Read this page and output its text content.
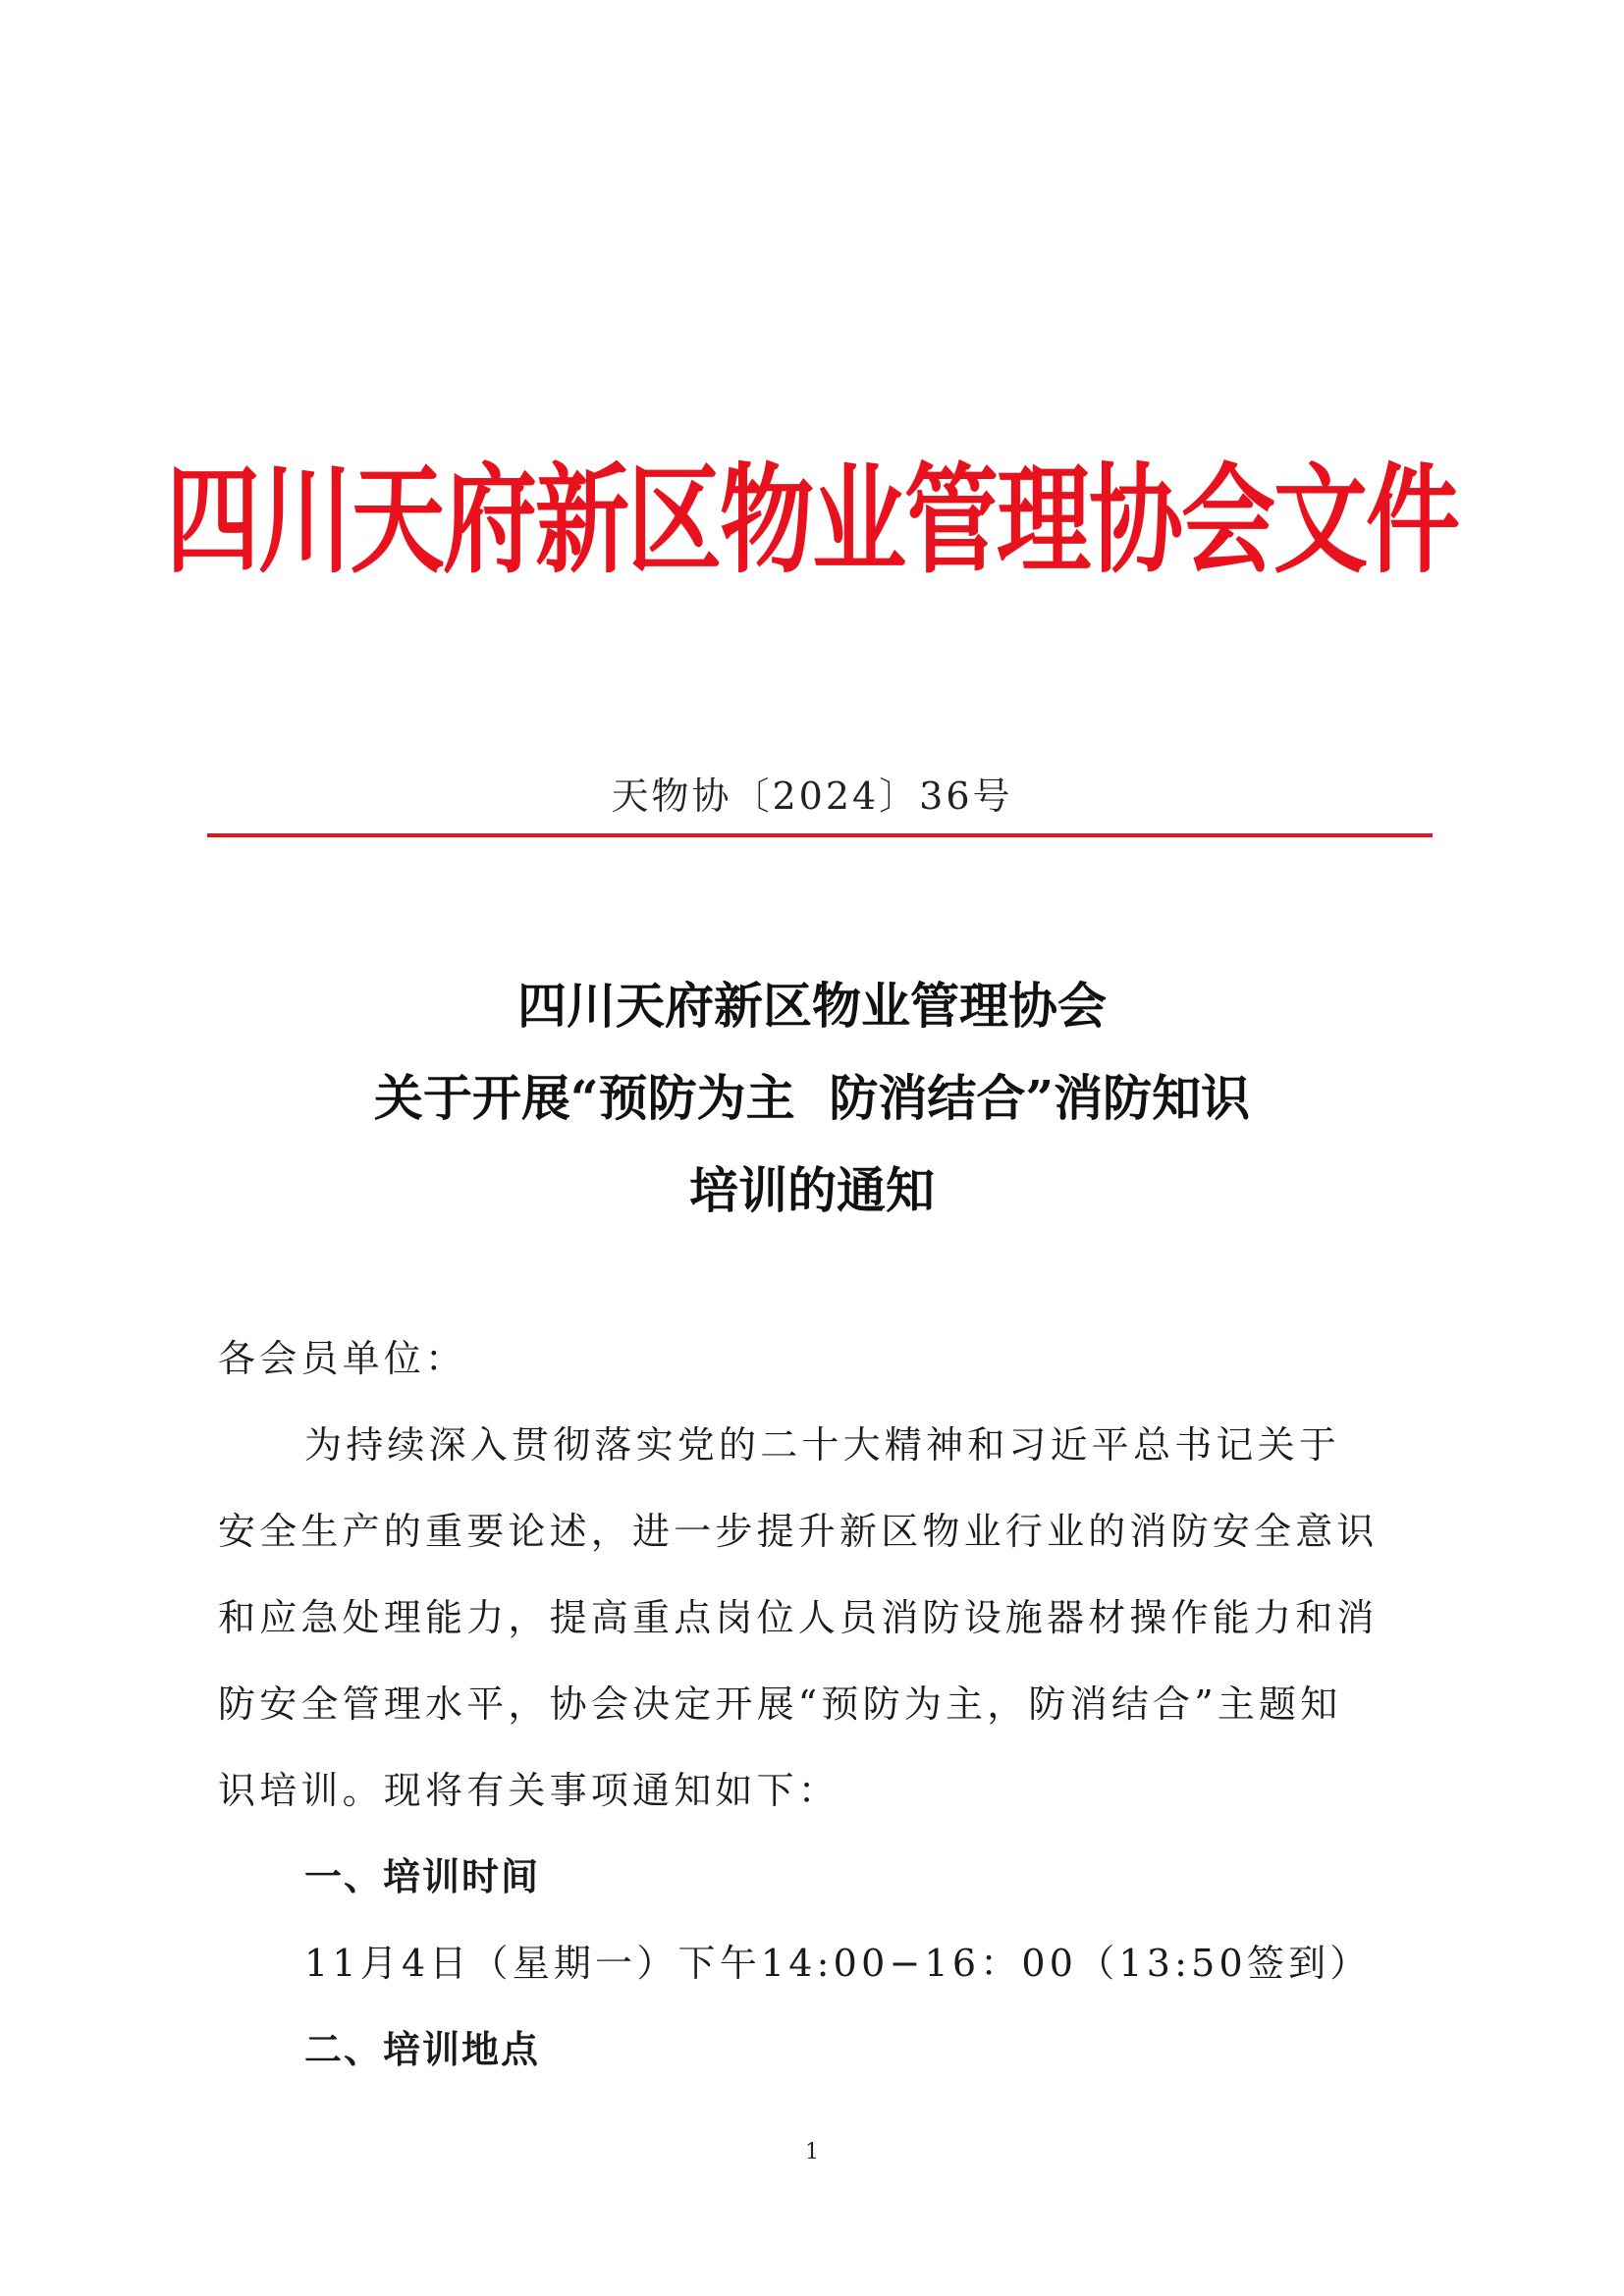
四川天府新区物业管理协会文件
天物协〔2024〕36号
四川天府新区物业管理协会
关于开展“预防为主  防消结合”消防知识
培训的通知
各会员单位：
为持续深入贯彻落实党的二十大精神和习近平总书记关于
安全生产的重要论述，进一步提升新区物业行业的消防安全意识
和应急处理能力，提高重点岗位人员消防设施器材操作能力和消
防安全管理水平，协会决定开展“预防为主，防消结合”主题知
识培训。现将有关事项通知如下：
一、培训时间
11月4日（星期一）下午14:00−16：00（13:50签到）
二、培训地点
1
